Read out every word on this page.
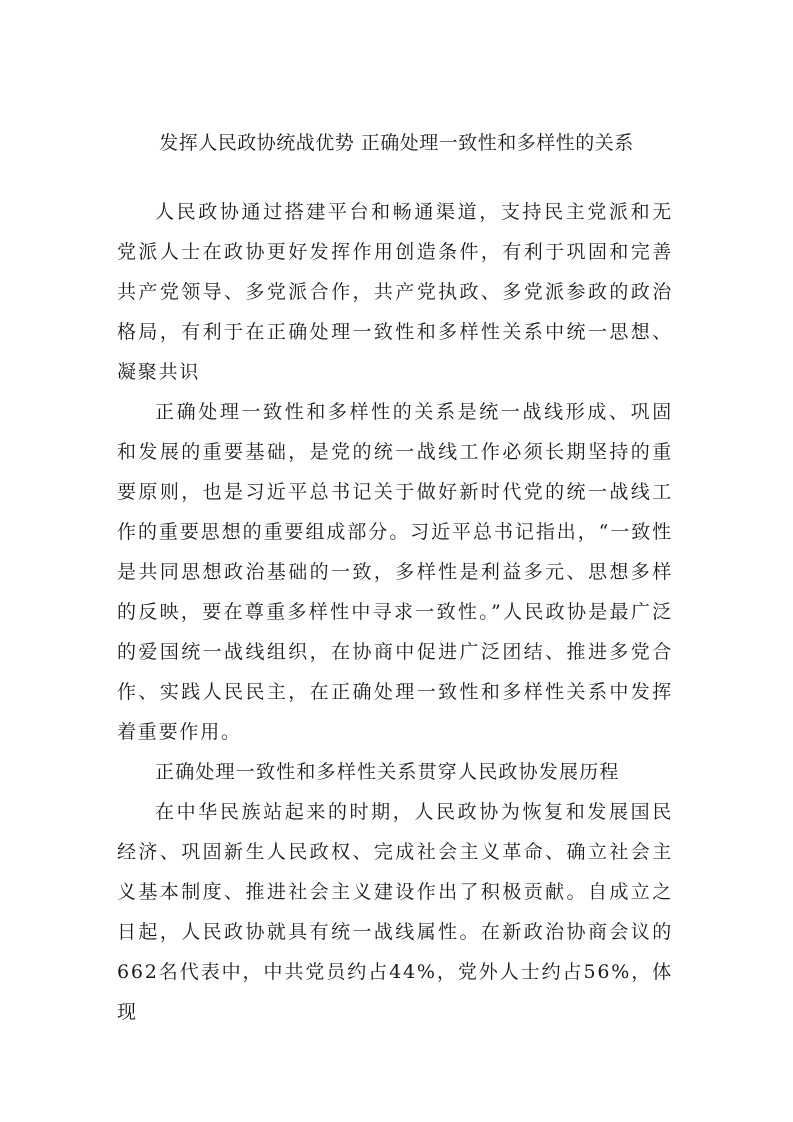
发挥人民政协统战优势 正确处理一致性和多样性的关系

人民政协通过搭建平台和畅通渠道，支持民主党派和无党派人士在政协更好发挥作用创造条件，有利于巩固和完善共产党领导、多党派合作，共产党执政、多党派参政的政治格局，有利于在正确处理一致性和多样性关系中统一思想、凝聚共识

正确处理一致性和多样性的关系是统一战线形成、巩固和发展的重要基础，是党的统一战线工作必须长期坚持的重要原则，也是习近平总书记关于做好新时代党的统一战线工作的重要思想的重要组成部分。习近平总书记指出，“一致性是共同思想政治基础的一致，多样性是利益多元、思想多样的反映，要在尊重多样性中寻求一致性。”人民政协是最广泛的爱国统一战线组织，在协商中促进广泛团结、推进多党合作、实践人民民主，在正确处理一致性和多样性关系中发挥着重要作用。

正确处理一致性和多样性关系贯穿人民政协发展历程

在中华民族站起来的时期，人民政协为恢复和发展国民经济、巩固新生人民政权、完成社会主义革命、确立社会主义基本制度、推进社会主义建设作出了积极贡献。自成立之日起，人民政协就具有统一战线属性。在新政治协商会议的662名代表中，中共党员约占44%，党外人士约占56%，体现
